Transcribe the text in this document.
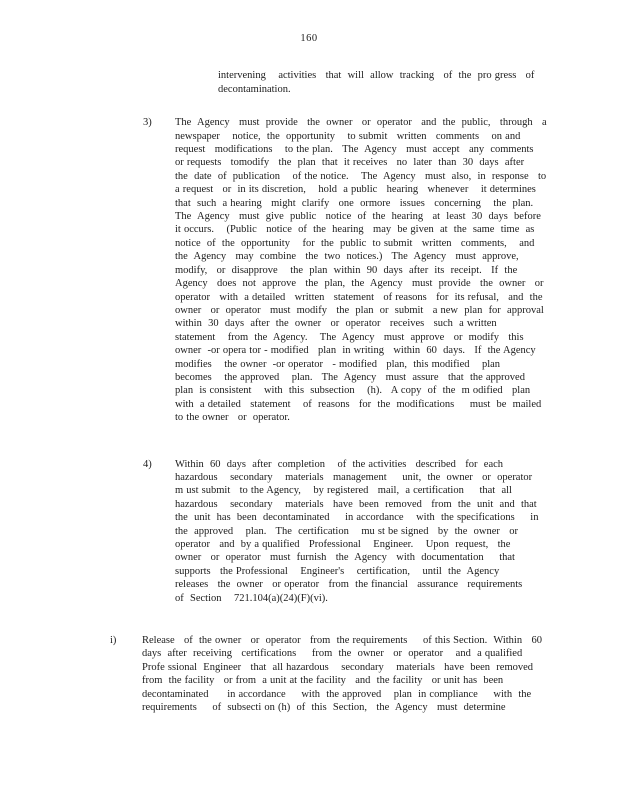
160
intervening    activities   that  will  allow  tracking   of  the  pro gress   of
decontamination.
3)	The  Agency   must  provide   the  owner   or  operator   and  the  public,   through   a
newspaper    notice,  the  opportunity    to submit   written   comments    on and
request   modifications    to the plan.   The  Agency   must  accept   any  comments
or requests   tomodify   the  plan  that  it receives   no  later  than  30  days  after
the  date  of  publication    of the notice.    The  Agency   must  also,  in  response   to
a request   or  in its discretion,    hold  a public   hearing   whenever    it determines
that  such  a hearing   might  clarify   one  ormore   issues   concerning    the  plan.
The  Agency   must  give  public   notice  of  the  hearing   at  least  30  days  before
it occurs.    (Public   notice  of  the  hearing   may  be given  at  the  same  time  as
notice  of  the  opportunity    for  the  public  to submit   written   comments,    and
the  Agency   may  combine   the  two  notices.)   The  Agency   must  approve,
modify,   or  disapprove    the  plan  within  90  days  after  its  receipt.   If  the
Agency   does  not  approve   the  plan,  the  Agency   must  provide   the  owner   or
operator   with  a detailed   written   statement   of reasons   for  its refusal,   and  the
owner   or  operator   must  modify   the  plan  or  submit   a new  plan  for  approval
within  30  days  after  the  owner   or  operator   receives   such  a written
statement    from  the  Agency.    The  Agency   must  approve   or  modify   this
owner  -or opera tor - modified   plan  in writing   within  60  days.   If  the Agency
modifies    the owner  -or operator   - modified   plan,  this modified    plan
becomes    the approved    plan.   The  Agency   must  assure   that  the approved
plan  is consistent    with  this  subsection    (h).   A copy  of  the  m odified   plan
with  a detailed   statement    of  reasons   for  the  modifications     must  be  mailed
to the owner   or  operator.
4)	Within  60  days  after  completion    of  the activities   described   for  each
hazardous    secondary    materials   management     unit,  the  owner   or  operator
m ust submit   to the Agency,    by registered   mail,  a certification     that  all
hazardous    secondary    materials   have  been  removed   from  the  unit  and  that
the  unit  has  been  decontaminated     in accordance    with  the specifications     in
the  approved    plan.   The  certification    mu st be signed   by  the  owner   or
operator   and  by a qualified   Professional    Engineer.    Upon  request,   the
owner   or  operator   must  furnish   the  Agency   with  documentation     that
supports   the Professional    Engineer's    certification,    until  the  Agency
releases   the  owner   or operator   from  the financial   assurance   requirements
of  Section    721.104(a)(24)(F)(vi).
i)	Release   of  the owner   or  operator   from  the requirements     of this Section.  Within   60
days  after  receiving   certifications     from  the  owner   or  operator    and  a qualified
Profe ssional  Engineer   that  all hazardous    secondary    materials   have  been  removed
from  the facility   or from  a unit at the facility   and  the facility   or unit has  been
decontaminated      in accordance     with  the approved    plan  in compliance     with  the
requirements     of  subsecti on (h)  of  this  Section,   the  Agency   must  determine
